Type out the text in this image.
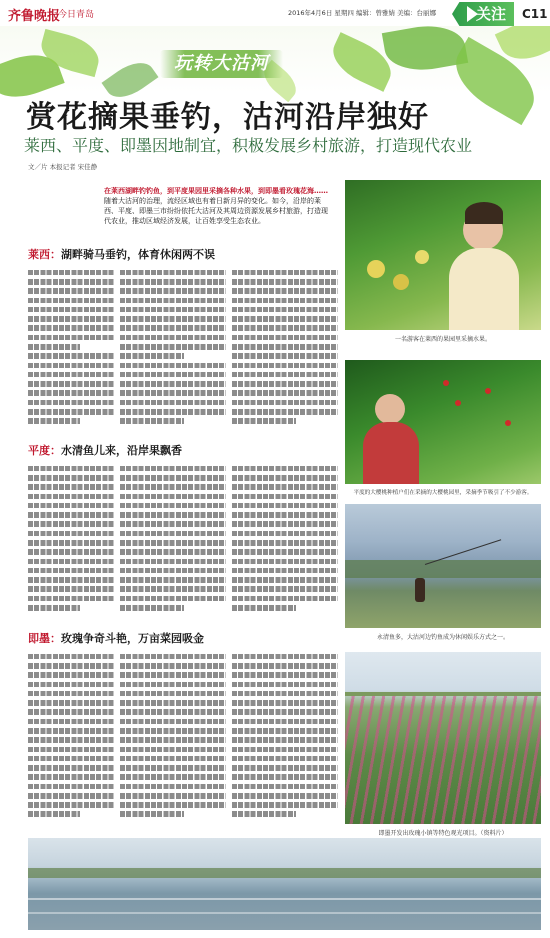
齐鲁晚报
今日青岛	2016年4月6日 星期四 编辑：曾雅婧 美编：台丽娜	关注 C11
玩转大沽河
赏花摘果垂钓，沽河沿岸独好
莱西、平度、即墨因地制宜，积极发展乡村旅游，打造现代农业
文／片 本报记者 宋佳静
在莱西湖畔钓钓鱼，到平度果园里采摘各种水果，到即墨看玫瑰花海……随着大沽河的治理，流经区域也有着日新月异的变化。如今，沿岸的莱西、平度、即墨三市纷纷依托大沽河及其周边资源发展乡村旅游，打造现代农业，推动区域经济发展，让百姓享受生态农业。
莱西：湖畔骑马垂钓，体育休闲两不误
一名游客在莱西的果园里采摘水果。
平度：水清鱼儿来，沿岸果飘香
平度的大樱桃种植户们在采摘的大樱桃园里，采摘季节吸引了不少游客。
永清鱼多，大沽河边钓鱼成为休闲娱乐方式之一。
即墨：玫瑰争奇斗艳，万亩菜园吸金
即墨开发出玫瑰小镇等特色观光项目。（资料片）
